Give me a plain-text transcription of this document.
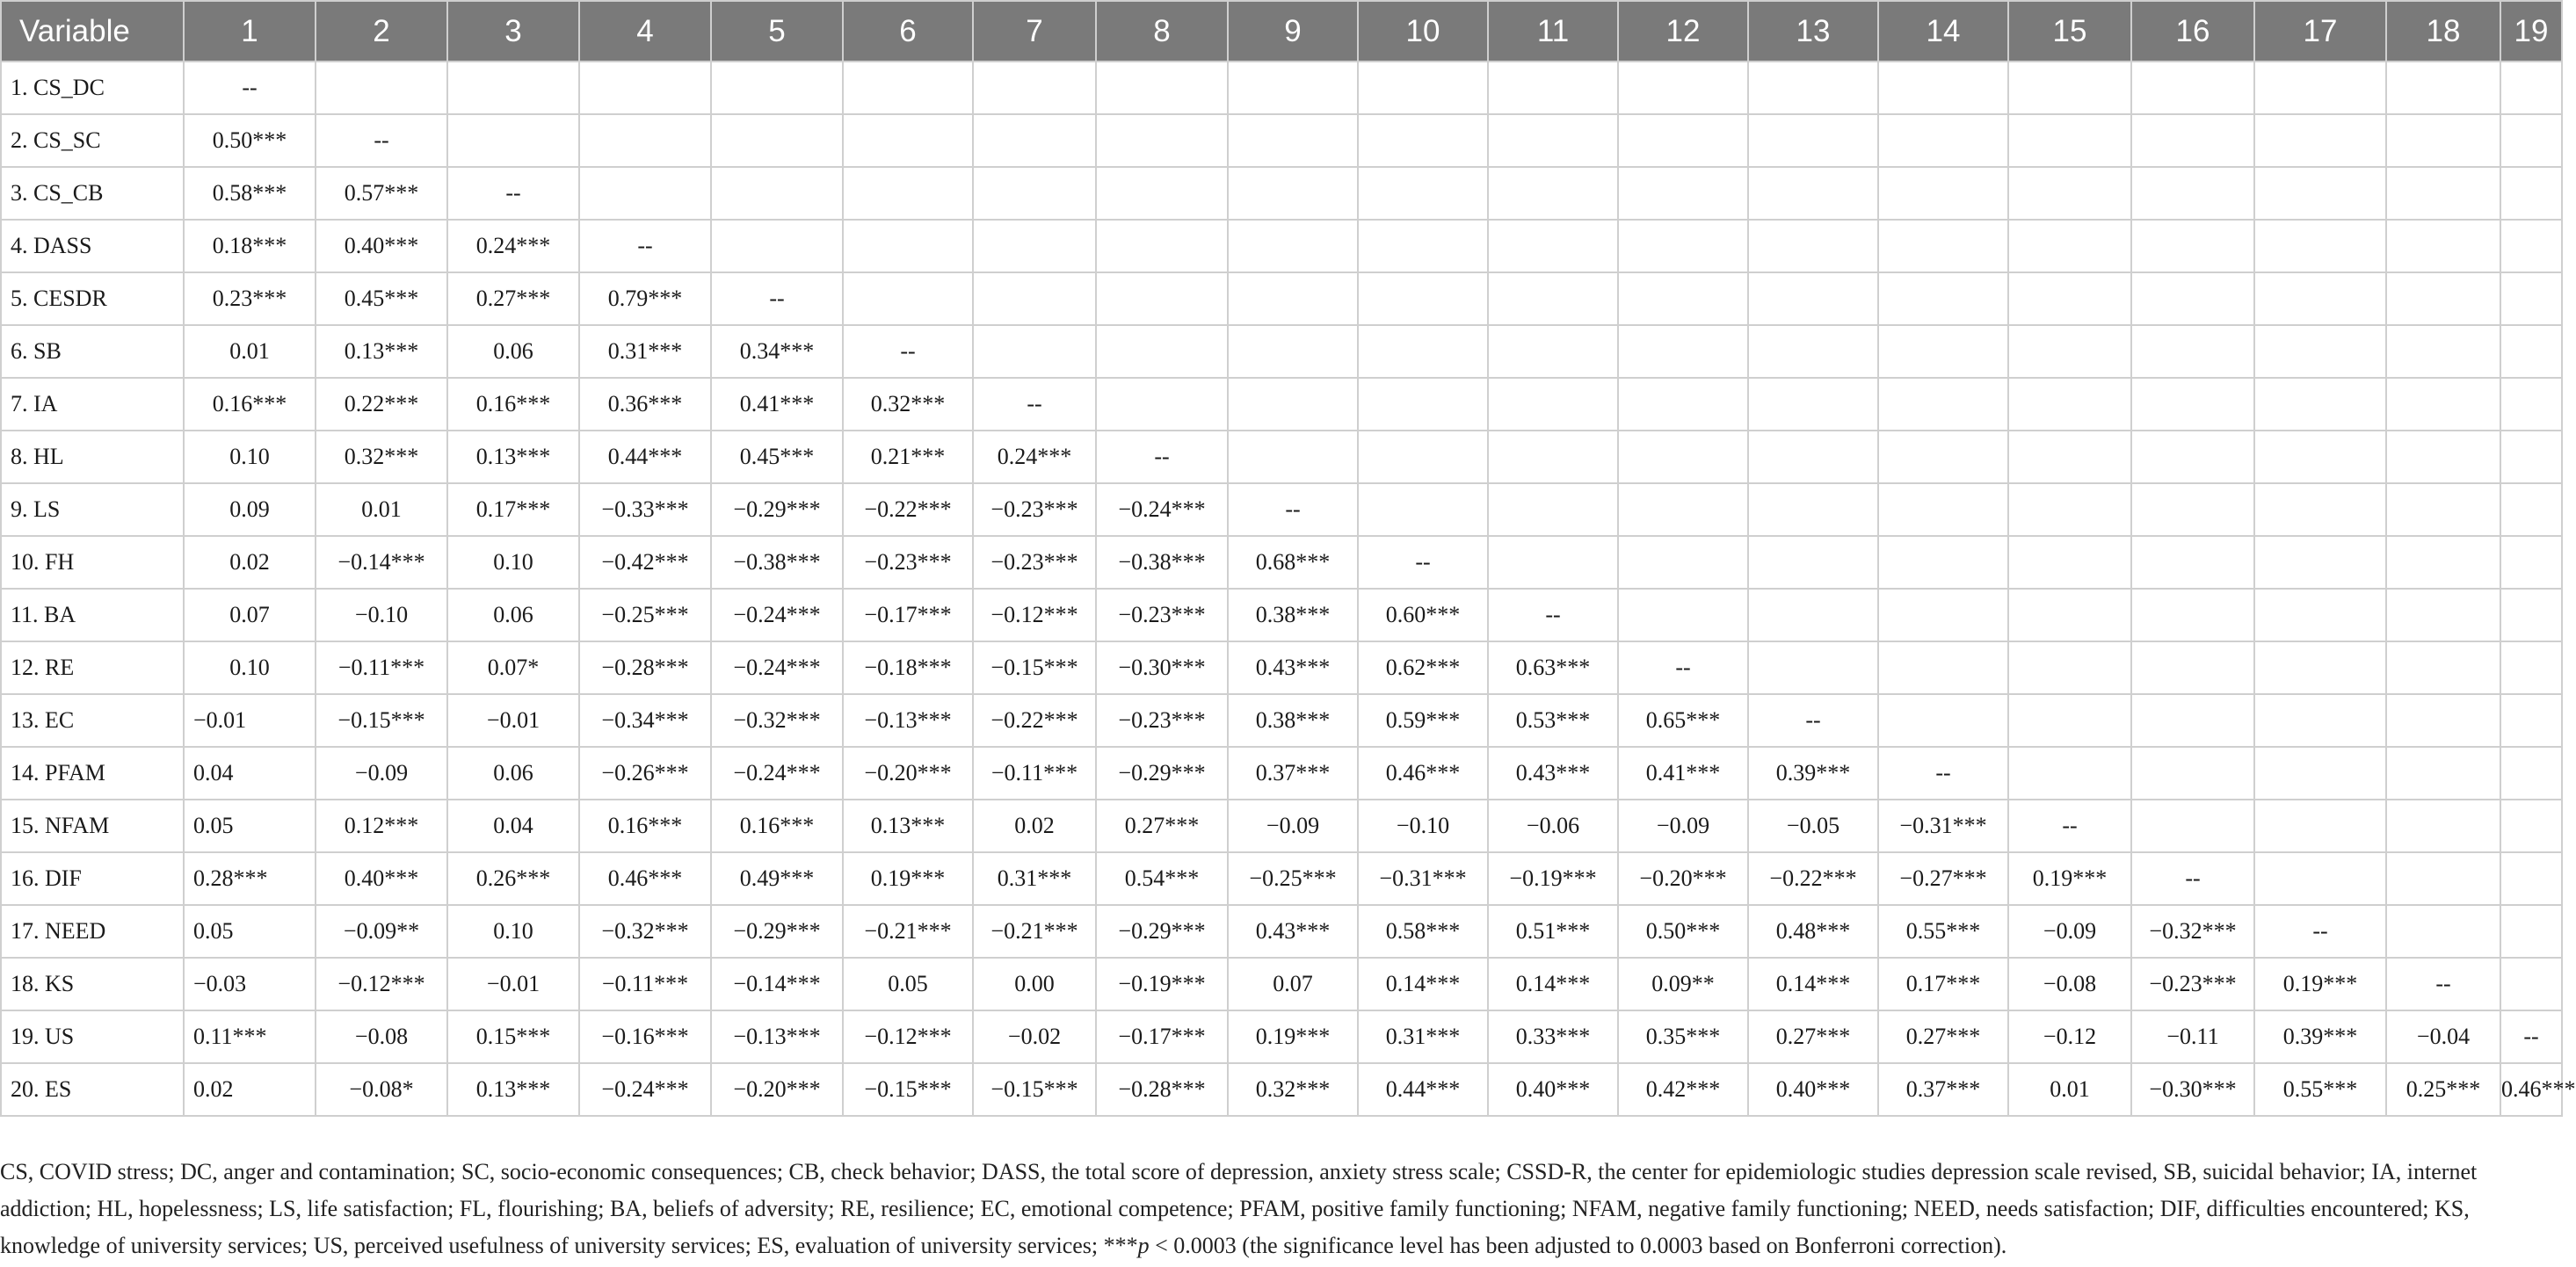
Variable	1	2	3	4	5	6	7	8	9	10	11	12	13	14	15	16	17	18	19
1. CS_DC	--																		
2. CS_SC	0.50***	--																	
3. CS_CB	0.58***	0.57***	--																
4. DASS	0.18***	0.40***	0.24***	--															
5. CESDR	0.23***	0.45***	0.27***	0.79***	--														
6. SB	0.01	0.13***	0.06	0.31***	0.34***	--													
7. IA	0.16***	0.22***	0.16***	0.36***	0.41***	0.32***	--												
8. HL	0.10	0.32***	0.13***	0.44***	0.45***	0.21***	0.24***	--											
9. LS	0.09	0.01	0.17***	−0.33***	−0.29***	−0.22***	−0.23***	−0.24***	--										
10. FH	0.02	−0.14***	0.10	−0.42***	−0.38***	−0.23***	−0.23***	−0.38***	0.68***	--									
11. BA	0.07	−0.10	0.06	−0.25***	−0.24***	−0.17***	−0.12***	−0.23***	0.38***	0.60***	--								
12. RE	0.10	−0.11***	0.07*	−0.28***	−0.24***	−0.18***	−0.15***	−0.30***	0.43***	0.62***	0.63***	--							
13. EC	−0.01	−0.15***	−0.01	−0.34***	−0.32***	−0.13***	−0.22***	−0.23***	0.38***	0.59***	0.53***	0.65***	--						
14. PFAM	0.04	−0.09	0.06	−0.26***	−0.24***	−0.20***	−0.11***	−0.29***	0.37***	0.46***	0.43***	0.41***	0.39***	--					
15. NFAM	0.05	0.12***	0.04	0.16***	0.16***	0.13***	0.02	0.27***	−0.09	−0.10	−0.06	−0.09	−0.05	−0.31***	--				
16. DIF	0.28***	0.40***	0.26***	0.46***	0.49***	0.19***	0.31***	0.54***	−0.25***	−0.31***	−0.19***	−0.20***	−0.22***	−0.27***	0.19***	--			
17. NEED	0.05	−0.09**	0.10	−0.32***	−0.29***	−0.21***	−0.21***	−0.29***	0.43***	0.58***	0.51***	0.50***	0.48***	0.55***	−0.09	−0.32***	--		
18. KS	−0.03	−0.12***	−0.01	−0.11***	−0.14***	0.05	0.00	−0.19***	0.07	0.14***	0.14***	0.09**	0.14***	0.17***	−0.08	−0.23***	0.19***	--	
19. US	0.11***	−0.08	0.15***	−0.16***	−0.13***	−0.12***	−0.02	−0.17***	0.19***	0.31***	0.33***	0.35***	0.27***	0.27***	−0.12	−0.11	0.39***	−0.04	--
20. ES	0.02	−0.08*	0.13***	−0.24***	−0.20***	−0.15***	−0.15***	−0.28***	0.32***	0.44***	0.40***	0.42***	0.40***	0.37***	0.01	−0.30***	0.55***	0.25***	0.46***
CS, COVID stress; DC, anger and contamination; SC, socio-economic consequences; CB, check behavior; DASS, the total score of depression, anxiety stress scale; CSSD-R, the center for epidemiologic studies depression scale revised, SB, suicidal behavior; IA, internet
addiction; HL, hopelessness; LS, life satisfaction; FL, flourishing; BA, beliefs of adversity; RE, resilience; EC, emotional competence; PFAM, positive family functioning; NFAM, negative family functioning; NEED, needs satisfaction; DIF, difficulties encountered; KS,
knowledge of university services; US, perceived usefulness of university services; ES, evaluation of university services; ***p < 0.0003 (the significance level has been adjusted to 0.0003 based on Bonferroni correction).
